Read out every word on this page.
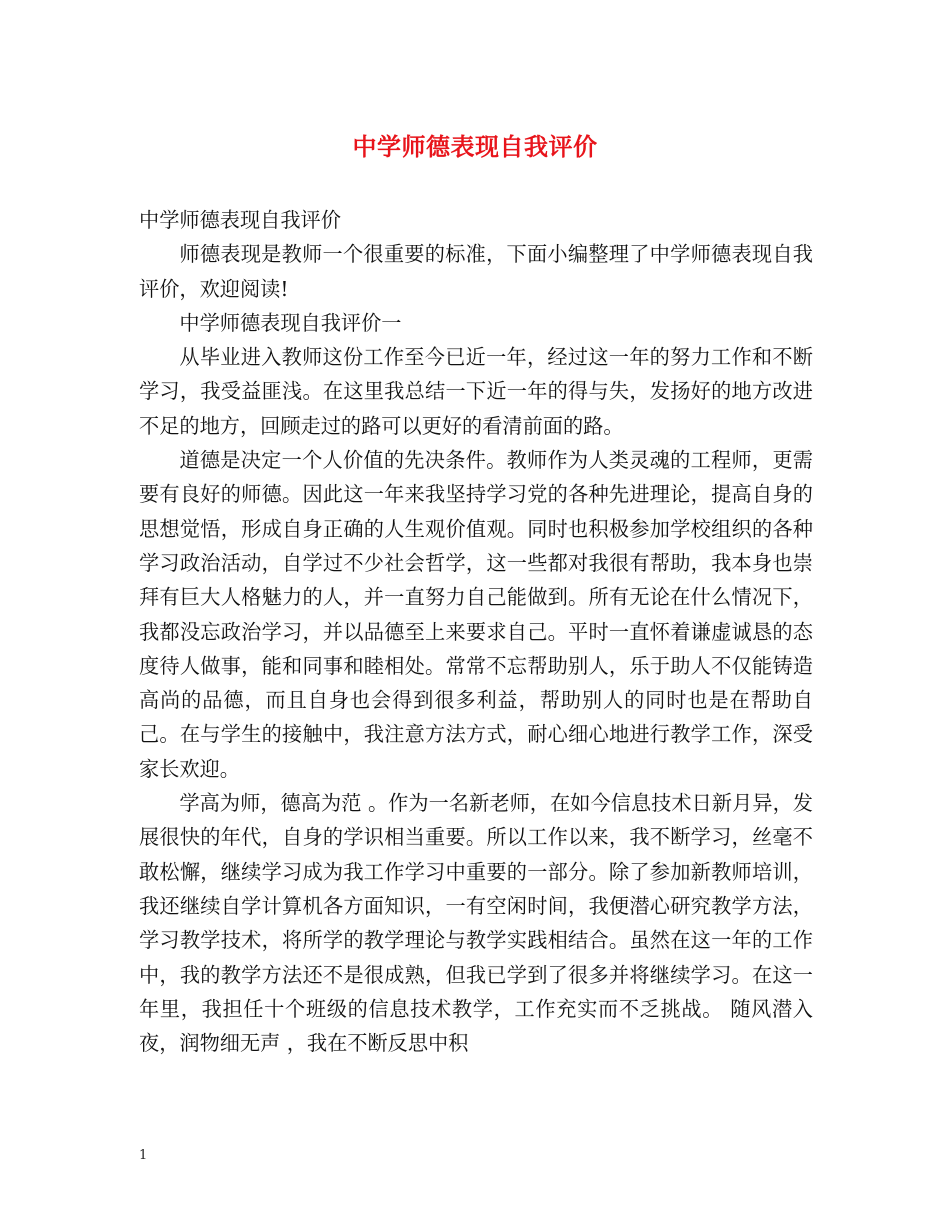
中学师德表现自我评价

中学师德表现自我评价

师德表现是教师一个很重要的标准，下面小编整理了中学师德表现自我评价，欢迎阅读!

中学师德表现自我评价一

从毕业进入教师这份工作至今已近一年，经过这一年的努力工作和不断学习，我受益匪浅。在这里我总结一下近一年的得与失，发扬好的地方改进不足的地方，回顾走过的路可以更好的看清前面的路。

道德是决定一个人价值的先决条件。教师作为人类灵魂的工程师，更需要有良好的师德。因此这一年来我坚持学习党的各种先进理论，提高自身的思想觉悟，形成自身正确的人生观价值观。同时也积极参加学校组织的各种学习政治活动，自学过不少社会哲学，这一些都对我很有帮助，我本身也崇拜有巨大人格魅力的人，并一直努力自己能做到。所有无论在什么情况下，我都没忘政治学习，并以品德至上来要求自己。平时一直怀着谦虚诚恳的态度待人做事，能和同事和睦相处。常常不忘帮助别人，乐于助人不仅能铸造高尚的品德，而且自身也会得到很多利益，帮助别人的同时也是在帮助自己。在与学生的接触中，我注意方法方式，耐心细心地进行教学工作，深受家长欢迎。

学高为师，德高为范 。作为一名新老师，在如今信息技术日新月异，发展很快的年代，自身的学识相当重要。所以工作以来，我不断学习，丝毫不敢松懈，继续学习成为我工作学习中重要的一部分。除了参加新教师培训，我还继续自学计算机各方面知识，一有空闲时间，我便潜心研究教学方法，学习教学技术，将所学的教学理论与教学实践相结合。虽然在这一年的工作中，我的教学方法还不是很成熟，但我已学到了很多并将继续学习。在这一年里，我担任十个班级的信息技术教学，工作充实而不乏挑战。 随风潜入夜，润物细无声 ，我在不断反思中积

1
